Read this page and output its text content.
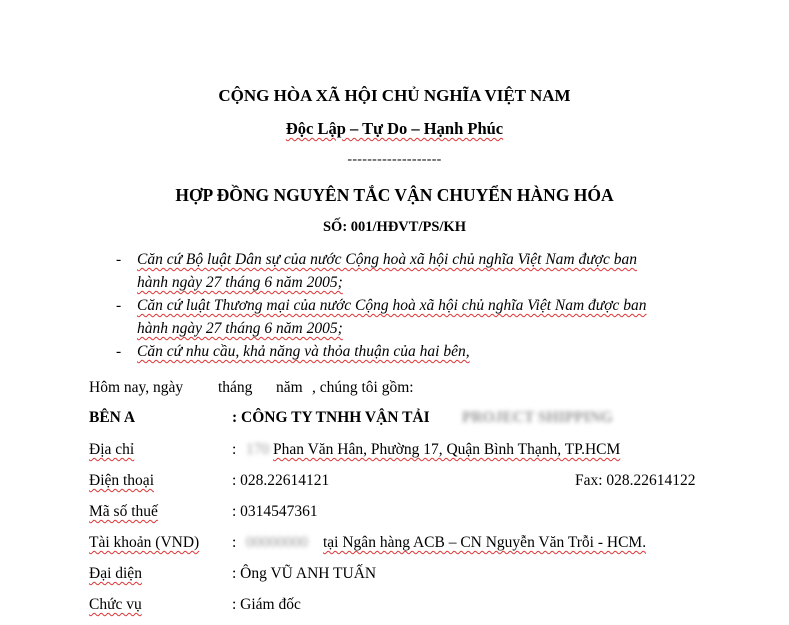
CỘNG HÒA XÃ HỘI CHỦ NGHĨA VIỆT NAM
Độc Lập – Tự Do – Hạnh Phúc
-------------------
HỢP ĐỒNG NGUYÊN TẮC VẬN CHUYỂN HÀNG HÓA
SỐ: 001/HĐVT/PS/KH
- Căn cứ Bộ luật Dân sự của nước Cộng hoà xã hội chủ nghĩa Việt Nam được ban
hành ngày 27 tháng 6 năm 2005;
- Căn cứ luật Thương mại của nước Cộng hoà xã hội chủ nghĩa Việt Nam được ban
hành ngày 27 tháng 6 năm 2005;
- Căn cứ nhu cầu, khả năng và thỏa thuận của hai bên,
Hôm nay, ngày tháng năm , chúng tôi gồm:
BÊN A	: CÔNG TY TNHH VẬN TẢI PROJECT SHIPPING
Địa chỉ	: 170 Phan Văn Hân, Phường 17, Quận Bình Thạnh, TP.HCM
Điện thoại	: 028.22614121	Fax: 028.22614122
Mã số thuế	: 0314547361
Tài khoản (VND) : 00000000 tại Ngân hàng ACB – CN Nguyễn Văn Trỗi - HCM.
Đại diện	: Ông VŨ ANH TUẤN
Chức vụ	: Giám đốc
